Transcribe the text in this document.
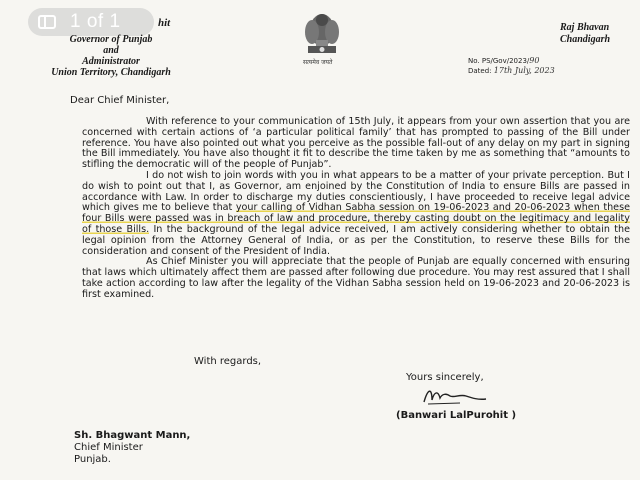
1 of 1	hit
Governor of Punjab
and
Administrator
Union Territory, Chandigarh
सत्यमेव जयते
Raj Bhavan
Chandigarh
No. PS/Gov/2023/90
Dated: 17th July, 2023
Dear Chief Minister,

With reference to your communication of 15th July, it appears from your own assertion that you are concerned with certain actions of ‘a particular political family’ that has prompted to passing of the Bill under reference. You have also pointed out what you perceive as the possible fall-out of any delay on my part in signing the Bill immediately. You have also thought it fit to describe the time taken by me as something that “amounts to stifling the democratic will of the people of Punjab”.

I do not wish to join words with you in what appears to be a matter of your private perception. But I do wish to point out that I, as Governor, am enjoined by the Constitution of India to ensure Bills are passed in accordance with Law. In order to discharge my duties conscientiously, I have proceeded to receive legal advice which gives me to believe that your calling of Vidhan Sabha session on 19-06-2023 and 20-06-2023 when these four Bills were passed was in breach of law and procedure, thereby casting doubt on the legitimacy and legality of those Bills. In the background of the legal advice received, I am actively considering whether to obtain the legal opinion from the Attorney General of India, or as per the Constitution, to reserve these Bills for the consideration and consent of the President of India.

As Chief Minister you will appreciate that the people of Punjab are equally concerned with ensuring that laws which ultimately affect them are passed after following due procedure. You may rest assured that I shall take action according to law after the legality of the Vidhan Sabha session held on 19-06-2023 and 20-06-2023 is first examined.

With regards,
Yours sincerely,
(Banwari LalPurohit )
Sh. Bhagwant Mann,
Chief Minister
Punjab.
